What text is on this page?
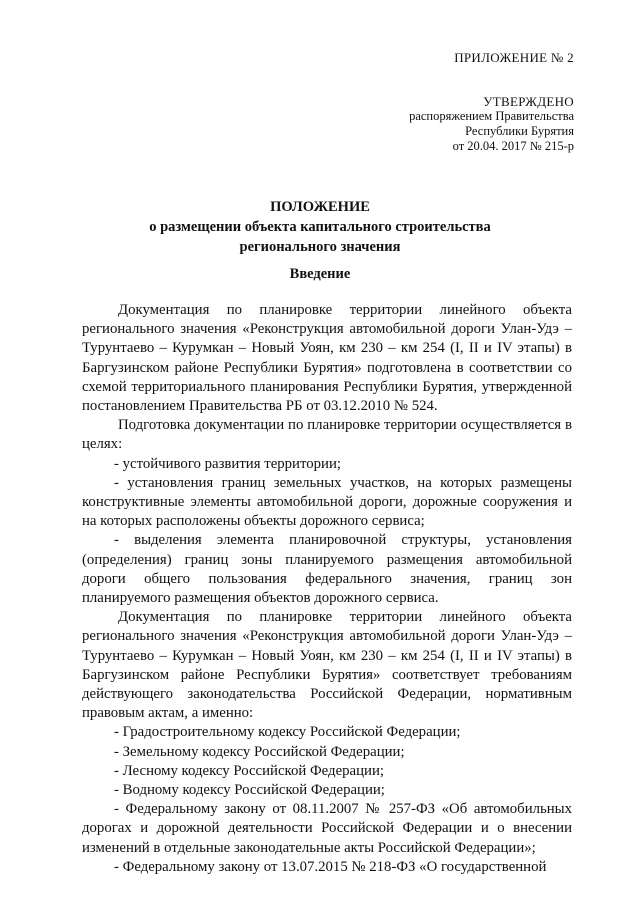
ПРИЛОЖЕНИЕ № 2
УТВЕРЖДЕНО
распоряжением Правительства
Республики Бурятия
от 20.04. 2017 № 215-р
ПОЛОЖЕНИЕ
о размещении объекта капитального строительства
регионального значения
Введение

Документация по планировке территории линейного объекта регионального значения «Реконструкция автомобильной дороги Улан-Удэ – Турунтаево – Курумкан – Новый Уоян, км 230 – км 254 (I, II и IV этапы) в Баргузинском районе Республики Бурятия» подготовлена в соответствии со схемой территориального планирования Республики Бурятия, утвержденной постановлением Правительства РБ от 03.12.2010 № 524.

Подготовка документации по планировке территории осуществляется в целях:

- устойчивого развития территории;

- установления границ земельных участков, на которых размещены конструктивные элементы автомобильной дороги, дорожные сооружения и на которых расположены объекты дорожного сервиса;

- выделения элемента планировочной структуры, установления (определения) границ зоны планируемого размещения автомобильной дороги общего пользования федерального значения, границ зон планируемого размещения объектов дорожного сервиса.

Документация по планировке территории линейного объекта регионального значения «Реконструкция автомобильной дороги Улан-Удэ – Турунтаево – Курумкан – Новый Уоян, км 230 – км 254 (I, II и IV этапы) в Баргузинском районе Республики Бурятия» соответствует требованиям действующего законодательства Российской Федерации, нормативным правовым актам, а именно:

- Градостроительному кодексу Российской Федерации;

- Земельному кодексу Российской Федерации;

- Лесному кодексу Российской Федерации;

- Водному кодексу Российской Федерации;

- Федеральному закону от 08.11.2007 № 257-ФЗ «Об автомобильных дорогах и дорожной деятельности Российской Федерации и о внесении изменений в отдельные законодательные акты Российской Федерации»;

- Федеральному закону от 13.07.2015 № 218-ФЗ «О государственной
